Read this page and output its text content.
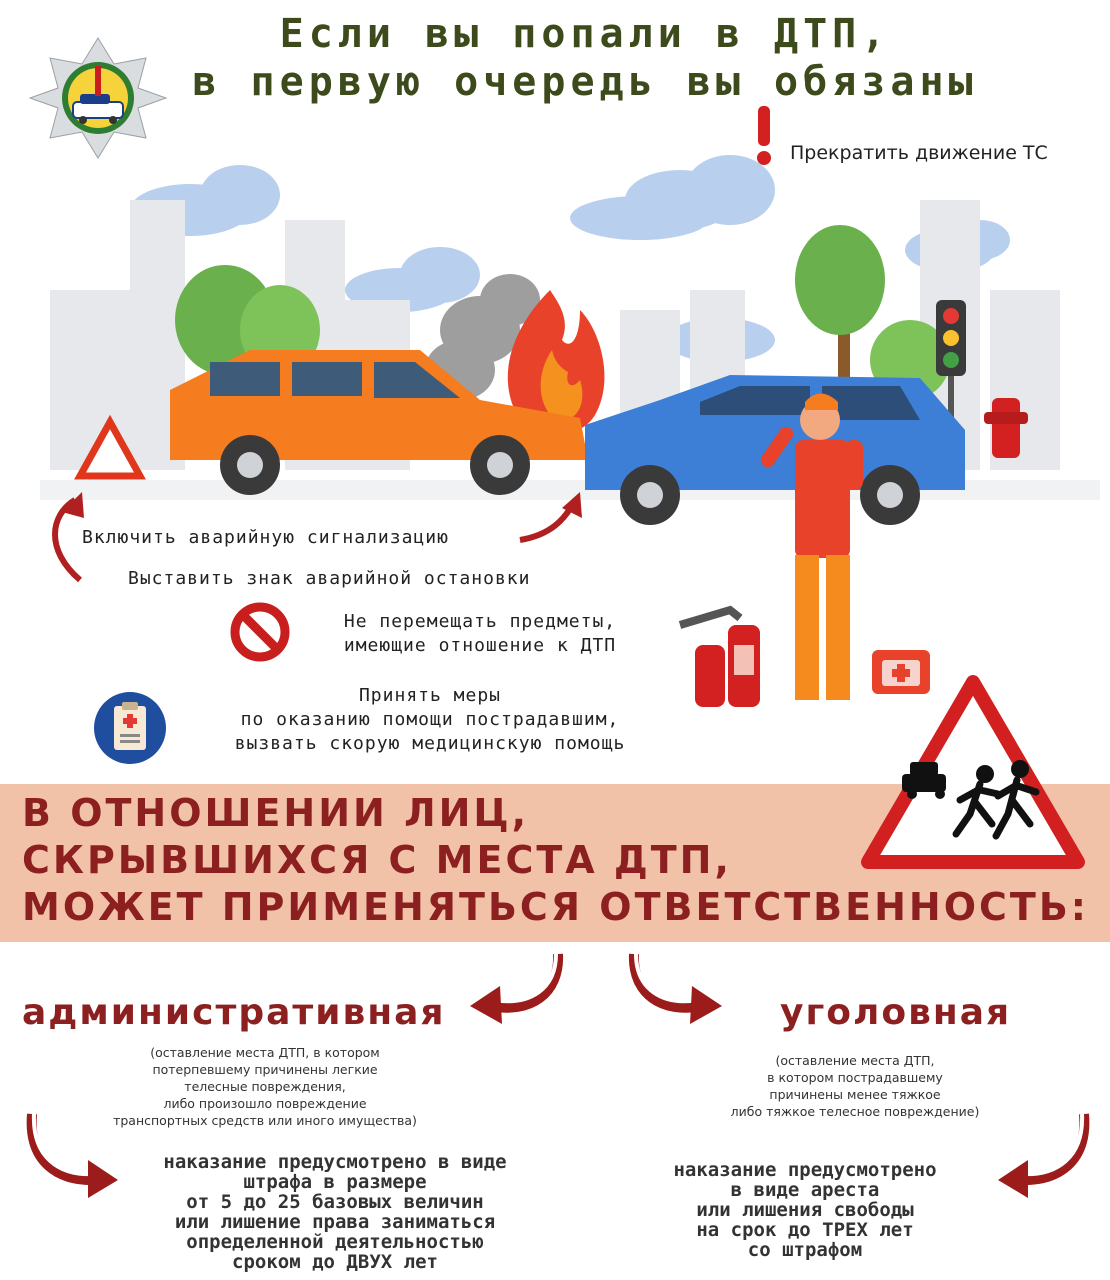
Если вы попали в ДТП,
в первую очередь вы обязаны
Прекратить движение ТС
Включить аварийную сигнализацию
Выставить знак аварийной остановки
Не перемещать предметы,
имеющие отношение к ДТП
Принять меры
по оказанию помощи пострадавшим,
вызвать скорую медицинскую помощь
В ОТНОШЕНИИ ЛИЦ,
СКРЫВШИХСЯ С МЕСТА ДТП,
МОЖЕТ ПРИМЕНЯТЬСЯ ОТВЕТСТВЕННОСТЬ:
административная
(оставление места ДТП, в котором
потерпевшему причинены легкие
телесные повреждения,
либо произошло повреждение
транспортных средств или иного имущества)
наказание предусмотрено в виде
штрафа в размере
от 5 до 25 базовых величин
или лишение права заниматься
определенной деятельностью
сроком до ДВУХ лет
уголовная
(оставление места ДТП,
в котором пострадавшему
причинены менее тяжкое
либо тяжкое телесное повреждение)
наказание предусмотрено
в виде ареста
или лишения свободы
на срок до ТРЕХ лет
со штрафом
